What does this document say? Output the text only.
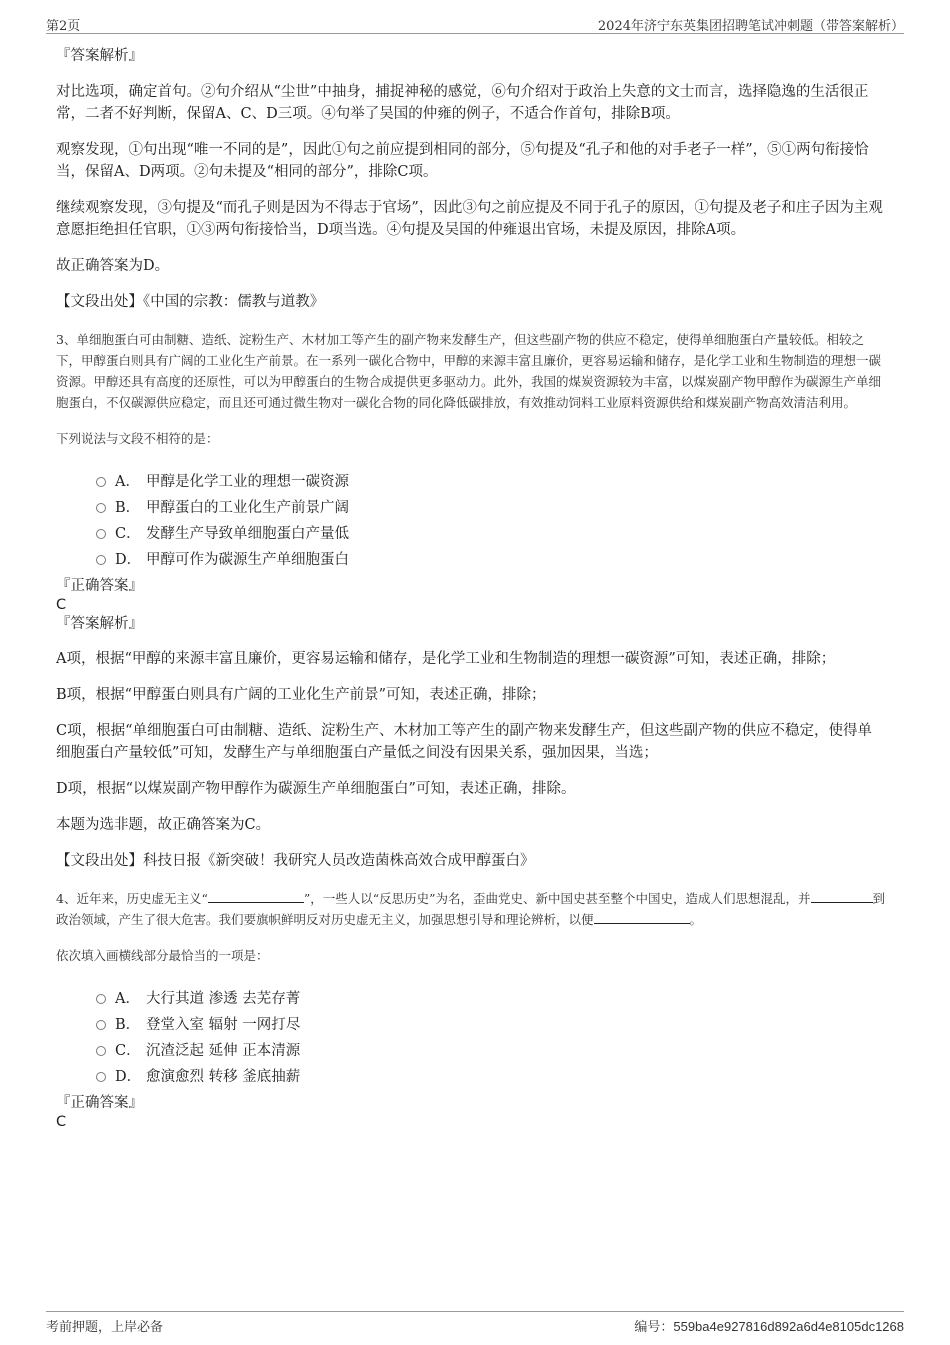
第2页	2024年济宁东英集团招聘笔试冲刺题（带答案解析）
『答案解析』
对比选项，确定首句。②句介绍从“尘世”中抽身，捕捉神秘的感觉，⑥句介绍对于政治上失意的文士而言，选择隐逸的生活很正常，二者不好判断，保留A、C、D三项。④句举了吴国的仲雍的例子，不适合作首句，排除B项。
观察发现，①句出现“唯一不同的是”，因此①句之前应提到相同的部分，⑤句提及“孔子和他的对手老子一样”，⑤①两句衔接恰当，保留A、D两项。②句未提及“相同的部分”，排除C项。
继续观察发现，③句提及“而孔子则是因为不得志于官场”，因此③句之前应提及不同于孔子的原因，①句提及老子和庄子因为主观意愿拒绝担任官职，①③两句衔接恰当，D项当选。④句提及吴国的仲雍退出官场，未提及原因，排除A项。
故正确答案为D。
【文段出处】《中国的宗教：儒教与道教》
3、单细胞蛋白可由制糖、造纸、淀粉生产、木材加工等产生的副产物来发酵生产，但这些副产物的供应不稳定，使得单细胞蛋白产量较低。相较之下，甲醇蛋白则具有广阔的工业化生产前景。在一系列一碳化合物中，甲醇的来源丰富且廉价，更容易运输和储存，是化学工业和生物制造的理想一碳资源。甲醇还具有高度的还原性，可以为甲醇蛋白的生物合成提供更多驱动力。此外，我国的煤炭资源较为丰富，以煤炭副产物甲醇作为碳源生产单细胞蛋白，不仅碳源供应稳定，而且还可通过微生物对一碳化合物的同化降低碳排放，有效推动饲料工业原料资源供给和煤炭副产物高效清洁利用。
下列说法与文段不相符的是：
A． 甲醇是化学工业的理想一碳资源
B． 甲醇蛋白的工业化生产前景广阔
C． 发酵生产导致单细胞蛋白产量低
D． 甲醇可作为碳源生产单细胞蛋白
『正确答案』
C
『答案解析』
A项，根据“甲醇的来源丰富且廉价，更容易运输和储存，是化学工业和生物制造的理想一碳资源”可知，表述正确，排除；
B项，根据“甲醇蛋白则具有广阔的工业化生产前景”可知，表述正确，排除；
C项，根据“单细胞蛋白可由制糖、造纸、淀粉生产、木材加工等产生的副产物来发酵生产，但这些副产物的供应不稳定，使得单细胞蛋白产量较低”可知，发酵生产与单细胞蛋白产量低之间没有因果关系，强加因果，当选；
D项，根据“以煤炭副产物甲醇作为碳源生产单细胞蛋白”可知，表述正确，排除。
本题为选非题，故正确答案为C。
【文段出处】科技日报《新突破！我研究人员改造菌株高效合成甲醇蛋白》
4、近年来，历史虚无主义“	”，一些人以“反思历史”为名，歪曲党史、新中国史甚至整个中国史，造成人们思想混乱，并	到政治领域，产生了很大危害。我们要旗帜鲜明反对历史虚无主义，加强思想引导和理论辨析，以便	。
依次填入画横线部分最恰当的一项是：
A． 大行其道 渗透 去芜存菁
B． 登堂入室 辐射 一网打尽
C． 沉渣泛起 延伸 正本清源
D． 愈演愈烈 转移 釜底抽薪
『正确答案』
C
考前押题，上岸必备	编号：559ba4e927816d892a6d4e8105dc1268
